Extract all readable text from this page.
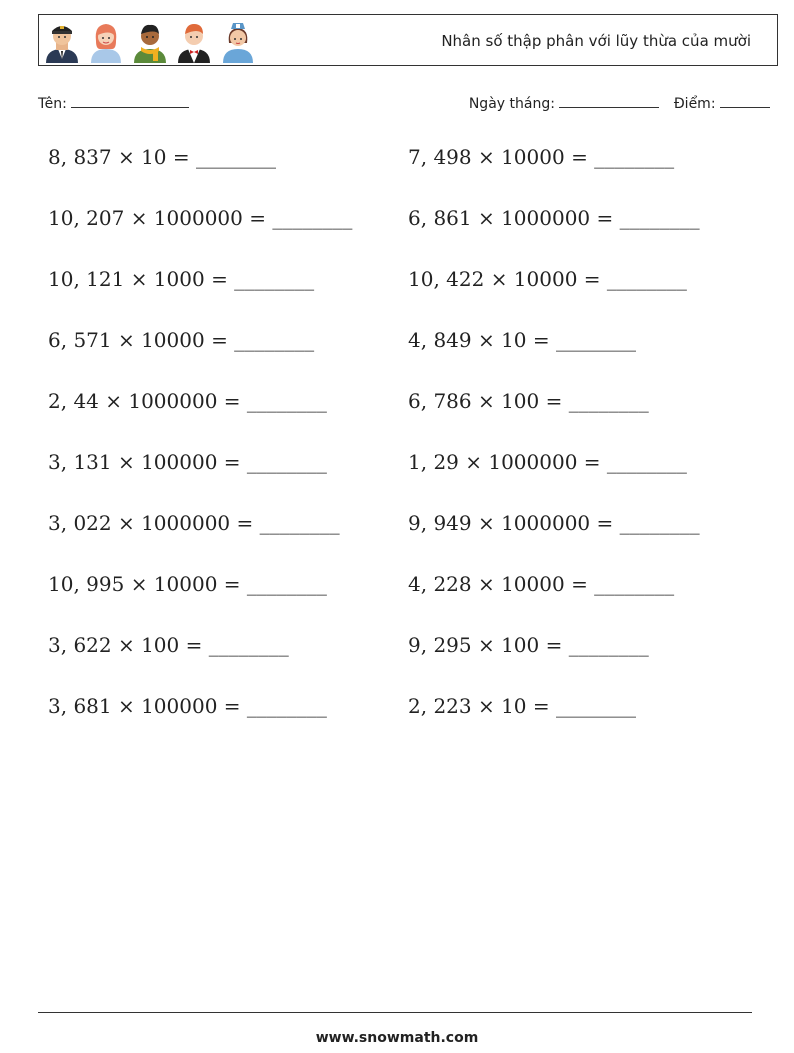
Nhân số thập phân với lũy thừa của mười
Tên:	Ngày tháng:	Điểm:
8, 837 × 10 = ________	7, 498 × 10000 = ________
10, 207 × 1000000 = ________	6, 861 × 1000000 = ________
10, 121 × 1000 = ________	10, 422 × 10000 = ________
6, 571 × 10000 = ________	4, 849 × 10 = ________
2, 44 × 1000000 = ________	6, 786 × 100 = ________
3, 131 × 100000 = ________	1, 29 × 1000000 = ________
3, 022 × 1000000 = ________	9, 949 × 1000000 = ________
10, 995 × 10000 = ________	4, 228 × 10000 = ________
3, 622 × 100 = ________	9, 295 × 100 = ________
3, 681 × 100000 = ________	2, 223 × 10 = ________
www.snowmath.com
